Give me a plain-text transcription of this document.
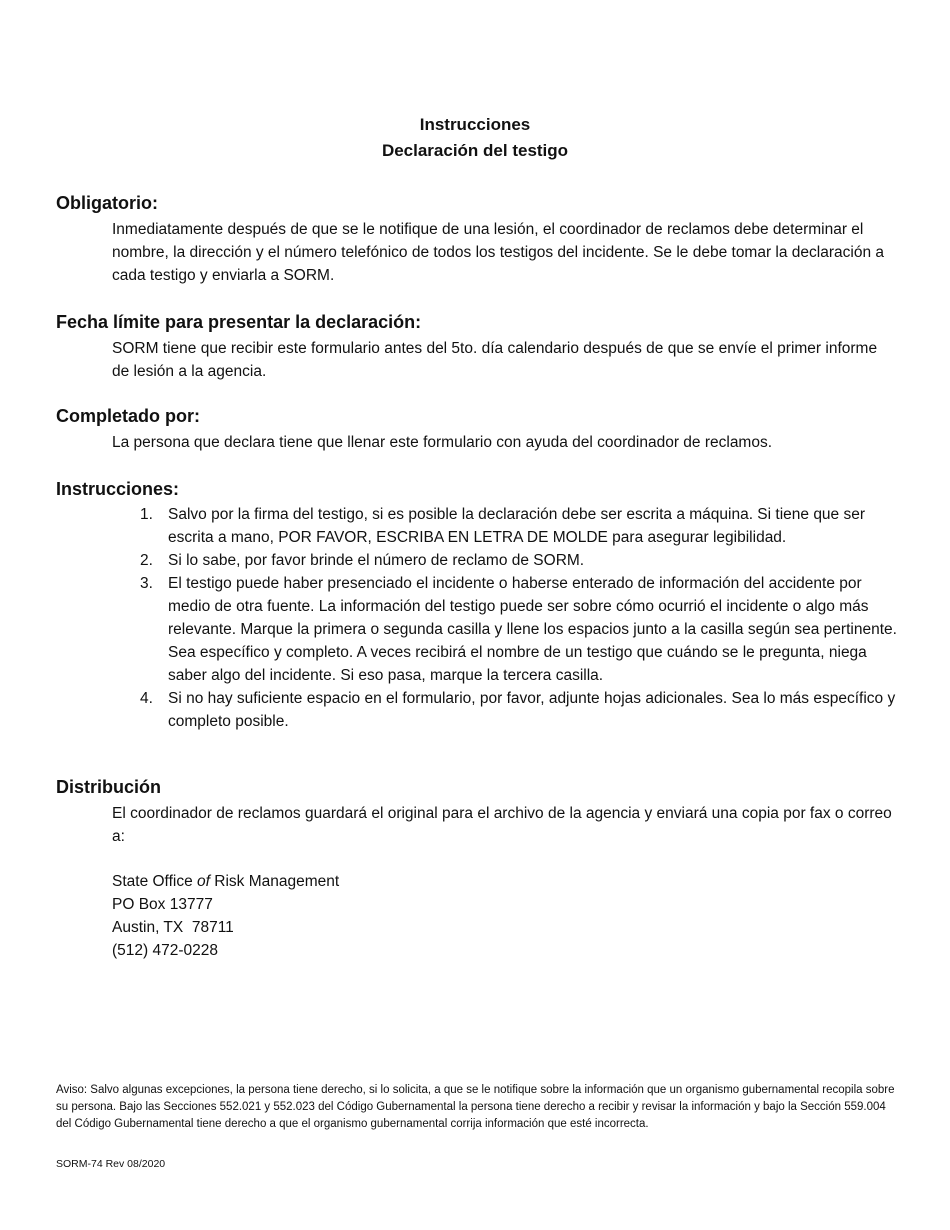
Instrucciones
Declaración del testigo
Obligatorio:

Inmediatamente después de que se le notifique de una lesión, el coordinador de reclamos debe determinar el nombre, la dirección y el número telefónico de todos los testigos del incidente. Se le debe tomar la declaración a cada testigo y enviarla a SORM.

Fecha límite para presentar la declaración:

SORM tiene que recibir este formulario antes del 5to. día calendario después de que se envíe el primer informe de lesión a la agencia.

Completado por:

La persona que declara tiene que llenar este formulario con ayuda del coordinador de reclamos.

Instrucciones:
1. Salvo por la firma del testigo, si es posible la declaración debe ser escrita a máquina. Si tiene que ser escrita a mano, POR FAVOR, ESCRIBA EN LETRA DE MOLDE para asegurar legibilidad.
2. Si lo sabe, por favor brinde el número de reclamo de SORM.
3. El testigo puede haber presenciado el incidente o haberse enterado de información del accidente por medio de otra fuente. La información del testigo puede ser sobre cómo ocurrió el incidente o algo más relevante. Marque la primera o segunda casilla y llene los espacios junto a la casilla según sea pertinente. Sea específico y completo. A veces recibirá el nombre de un testigo que cuándo se le pregunta, niega saber algo del incidente. Si eso pasa, marque la tercera casilla.
4. Si no hay suficiente espacio en el formulario, por favor, adjunte hojas adicionales. Sea lo más específico y completo posible.
Distribución

El coordinador de reclamos guardará el original para el archivo de la agencia y enviará una copia por fax o correo a:

State Office of Risk Management
PO Box 13777
Austin, TX  78711
(512) 472-0228

Aviso: Salvo algunas excepciones, la persona tiene derecho, si lo solicita, a que se le notifique sobre la información que un organismo gubernamental recopila sobre su persona. Bajo las Secciones 552.021 y 552.023 del Código Gubernamental la persona tiene derecho a recibir y revisar la información y bajo la Sección 559.004 del Código Gubernamental tiene derecho a que el organismo gubernamental corrija información que esté incorrecta.

SORM-74 Rev 08/2020
